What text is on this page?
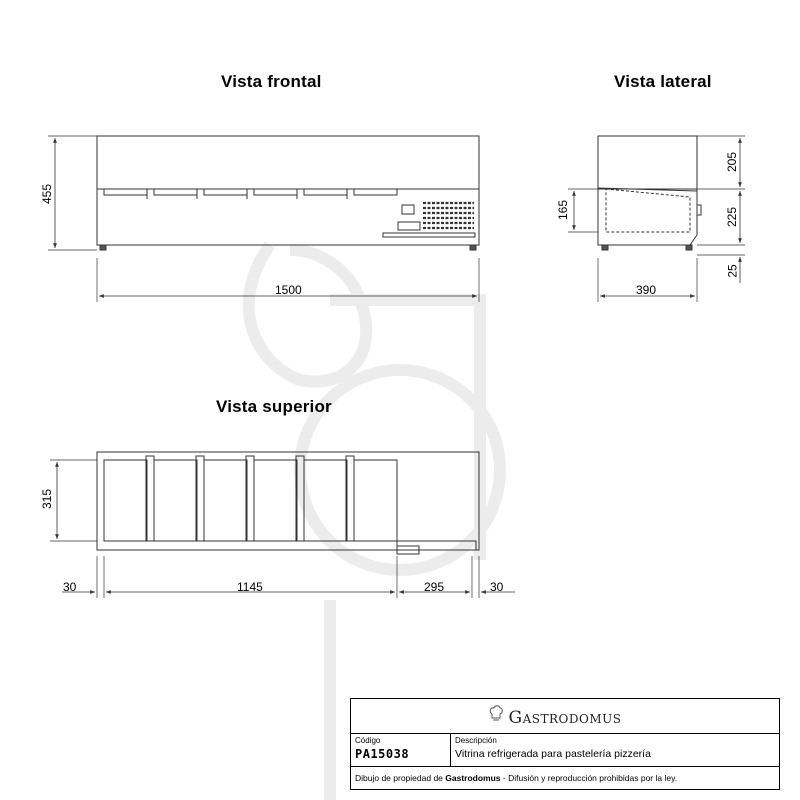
Vista frontal	Vista lateral
Vista superior
455
1500
205
225
25
165
390
315
30	1145	295	30
Gastrodomus
Código
PA15038
Descripción
Vitrina refrigerada para pastelería pizzería
Dibujo de propiedad de Gastrodomus - Difusión y reproducción prohibidas por la ley.
